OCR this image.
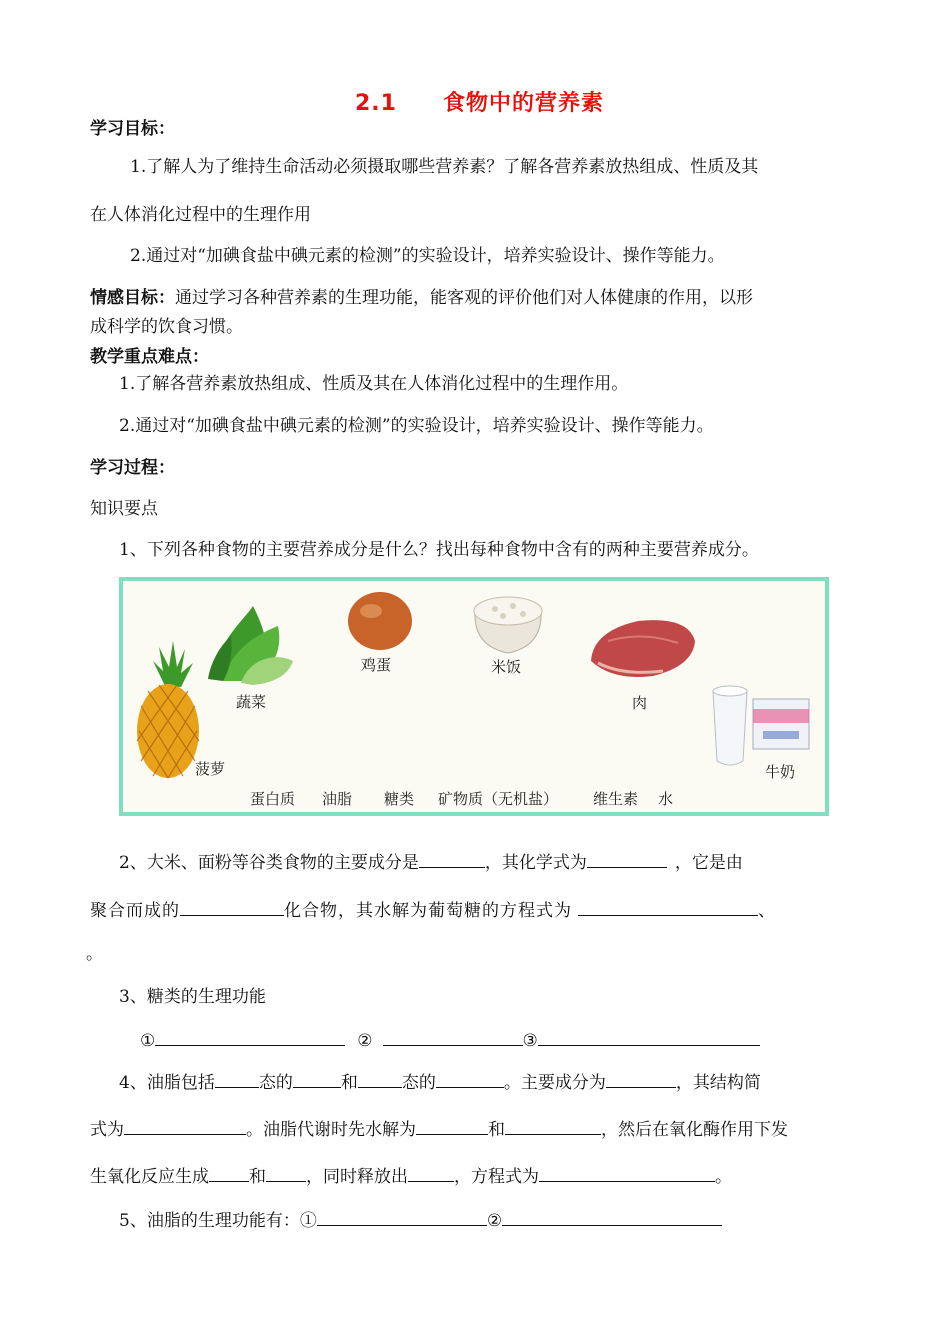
2.1　　食物中的营养素
学习目标：
1.了解人为了维持生命活动必须摄取哪些营养素？了解各营养素放热组成、性质及其
在人体消化过程中的生理作用
2.通过对“加碘食盐中碘元素的检测”的实验设计，培养实验设计、操作等能力。
情感目标：通过学习各种营养素的生理功能，能客观的评价他们对人体健康的作用，以形
成科学的饮食习惯。
教学重点难点：
1.了解各营养素放热组成、性质及其在人体消化过程中的生理作用。
2.通过对“加碘食盐中碘元素的检测”的实验设计，培养实验设计、操作等能力。
学习过程：
知识要点
1、下列各种食物的主要营养成分是什么？找出每种食物中含有的两种主要营养成分。
蔬菜
鸡蛋	米饭
肉
菠萝	牛奶
蛋白质 油脂 糖类 矿物质（无机盐） 维生素 水
2、大米、面粉等谷类食物的主要成分是	，其化学式为	，它是由
聚合而成的	化合物，其水解为葡萄糖的方程式为	、
。
3、糖类的生理功能
①	②	③
4、油脂包括	态的	和	态的	。主要成分为	，其结构简
式为	。油脂代谢时先水解为	和	，然后在氧化酶作用下发
生氧化反应生成 和 ，同时释放出	，方程式为	。
5、油脂的生理功能有：①	②
